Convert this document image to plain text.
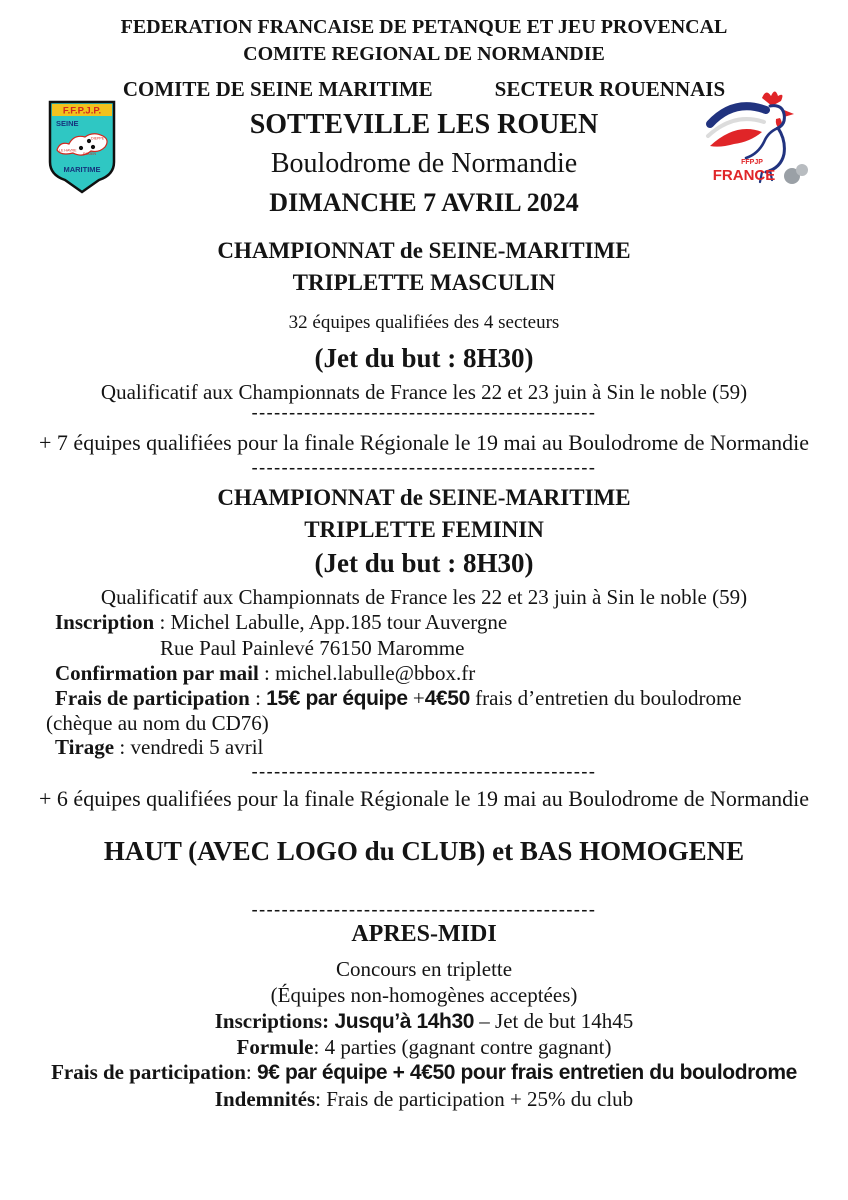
FEDERATION FRANCAISE DE PETANQUE ET JEU PROVENCAL
COMITE REGIONAL DE NORMANDIE
COMITE DE SEINE MARITIME	SECTEUR ROUENNAIS
F.F.P.J.P.
SEINE
DIEPPE
LE HAVRE
ROUEN
MARITIME
FFPJP
FRANCE
SOTTEVILLE LES ROUEN
Boulodrome de Normandie
DIMANCHE 7 AVRIL 2024
CHAMPIONNAT de SEINE-MARITIME
TRIPLETTE MASCULIN
32 équipes qualifiées des 4 secteurs
(Jet du but : 8H30)
Qualificatif aux Championnats de France les 22 et 23 juin à Sin le noble (59)
----------------------------------------------
+ 7 équipes qualifiées pour la finale Régionale le 19 mai au Boulodrome de Normandie
----------------------------------------------
CHAMPIONNAT de SEINE-MARITIME
TRIPLETTE FEMININ
(Jet du but : 8H30)
Qualificatif aux Championnats de France les 22 et 23 juin à Sin le noble (59)
Inscription : Michel Labulle, App.185 tour Auvergne
Rue Paul Painlevé 76150 Maromme
Confirmation par mail : michel.labulle@bbox.fr
Frais de participation : 15€ par équipe +4€50 frais d’entretien du boulodrome
(chèque au nom du CD76)
Tirage : vendredi 5 avril
----------------------------------------------
+ 6 équipes qualifiées pour la finale Régionale le 19 mai au Boulodrome de Normandie
HAUT (AVEC LOGO du CLUB) et BAS HOMOGENE
----------------------------------------------
APRES-MIDI
Concours en triplette
(Équipes non-homogènes acceptées)
Inscriptions: Jusqu’à 14h30 – Jet de but 14h45
Formule: 4 parties (gagnant contre gagnant)
Frais de participation: 9€ par équipe + 4€50 pour frais entretien du boulodrome
Indemnités: Frais de participation + 25% du club
